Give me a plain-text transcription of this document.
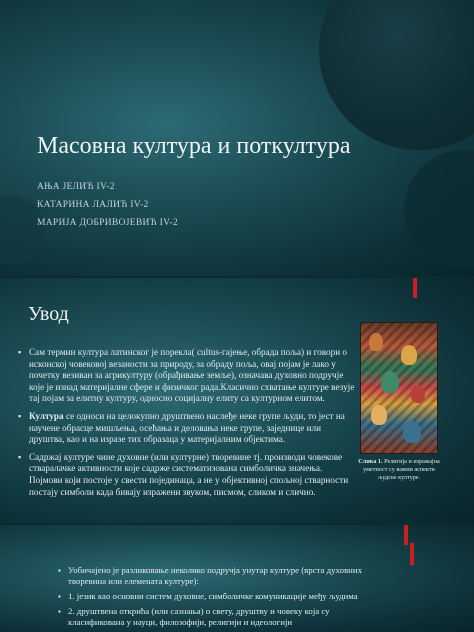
Масовна култура и поткултура
АЊА ЈЕЛИЋ IV-2
КАТАРИНА ЛАЛИЋ IV-2
МАРИЈА ДОБРИВОЈЕВИЋ IV-2
Увод
▪ Сам термин култура латинског је порекла( cultus-гајење, обрада поља) и говори о исконској човековој везаности за природу, за обраду поља, овај појам је лако у почетку везиван за агрикултуру (обрађивање земље), означава духовно подручје које је изнад материјалне сфере и физичког рада.Класично схватање културе везује тај појам за елитну културу, односно социјалну елиту са културном елитом.
▪ Култура се односи на целокупно друштвено наслеђе неке групе људи, то јест на научене обрасце мишљења, осећања и деловања неке групе, заједнице или друштва, као и на изразе тих образаца у материјалним објектима.
▪ Садржај културе чине духовне (или културне) творевине тј. производи човекове стваралачке активности које садрже систематизована симболичка значења. Појмови који постоје у свести појединаца, а не у објективној спољној стварности постају симболи када бивају изражени звуком, писмом, сликом и слично.
Слика 1. Религија и изражајна уметност су важни аспекти људске културе.
▪ Уобичајено је разликовање неколико подручја унутар културе (врста духовних творевина или елемената културе):
▪ 1. језик као основни систем духовне, симболичке комуникације међу људима
▪ 2. друштвена открића (или сазнања) о свету, друштву и човеку која су класификована у науци, филозофији, религији и идеологији
